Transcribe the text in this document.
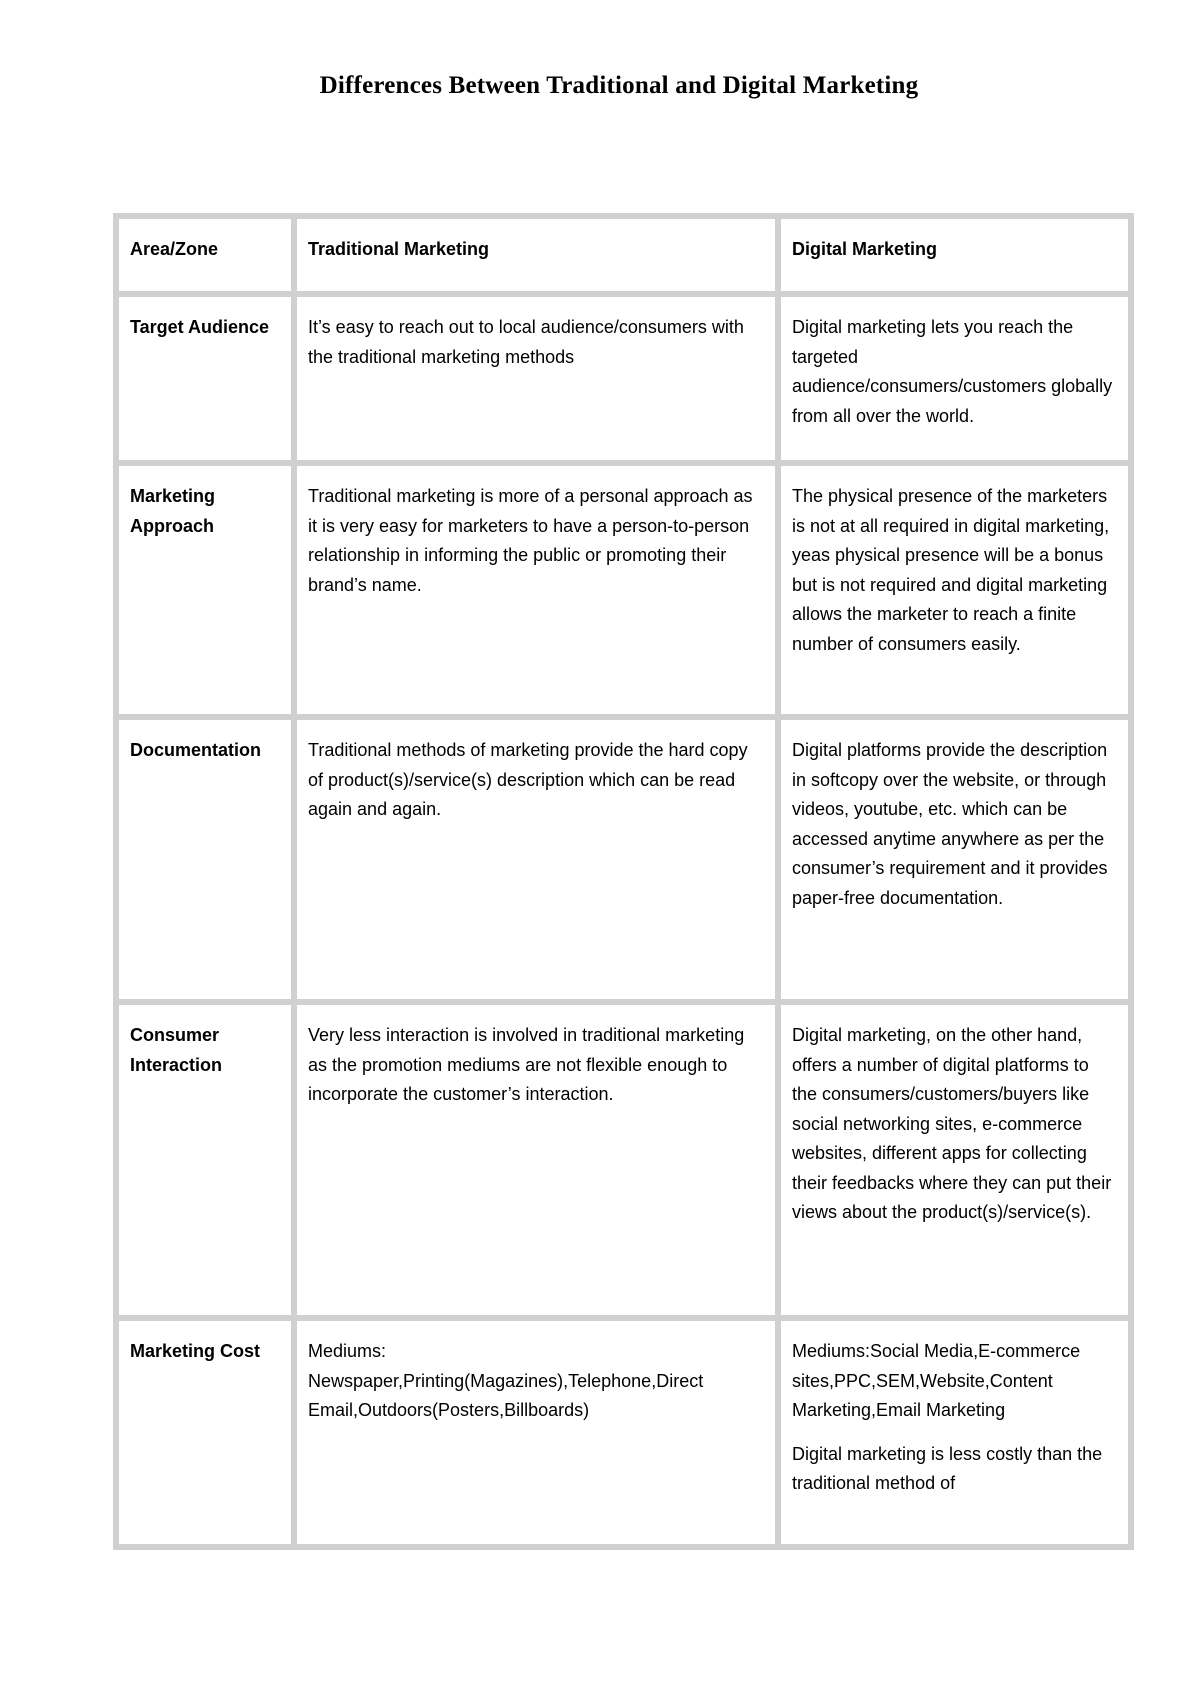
Differences Between Traditional and Digital Marketing
Area/Zone	Traditional Marketing	Digital Marketing
Target Audience	It’s easy to reach out to local audience/consumers with the traditional marketing methods	Digital marketing lets you reach the targeted audience/consumers/customers globally from all over the world.
Marketing Approach	Traditional marketing is more of a personal approach as it is very easy for marketers to have a person-to-person relationship in informing the public or promoting their brand’s name.	The physical presence of the marketers is not at all required in digital marketing, yeas physical presence will be a bonus but is not required and digital marketing allows the marketer to reach a finite number of consumers easily.
Documentation	Traditional methods of marketing provide the hard copy of product(s)/service(s) description which can be read again and again.	Digital platforms provide the description in softcopy over the website, or through videos, youtube, etc. which can be accessed anytime anywhere as per the consumer’s requirement and it provides paper-free documentation.
Consumer Interaction	Very less interaction is involved in traditional marketing as the promotion mediums are not flexible enough to incorporate the customer’s interaction.	Digital marketing, on the other hand, offers a number of digital platforms to the consumers/customers/buyers like social networking sites, e-commerce websites, different apps for collecting their feedbacks where they can put their views about the product(s)/service(s).
Marketing Cost	Mediums: Newspaper,Printing(Magazines),Telephone,Direct Email,Outdoors(Posters,Billboards)	Mediums:Social Media,E-commerce sites,PPC,SEM,Website,Content Marketing,Email Marketing
Digital marketing is less costly than the traditional method of
